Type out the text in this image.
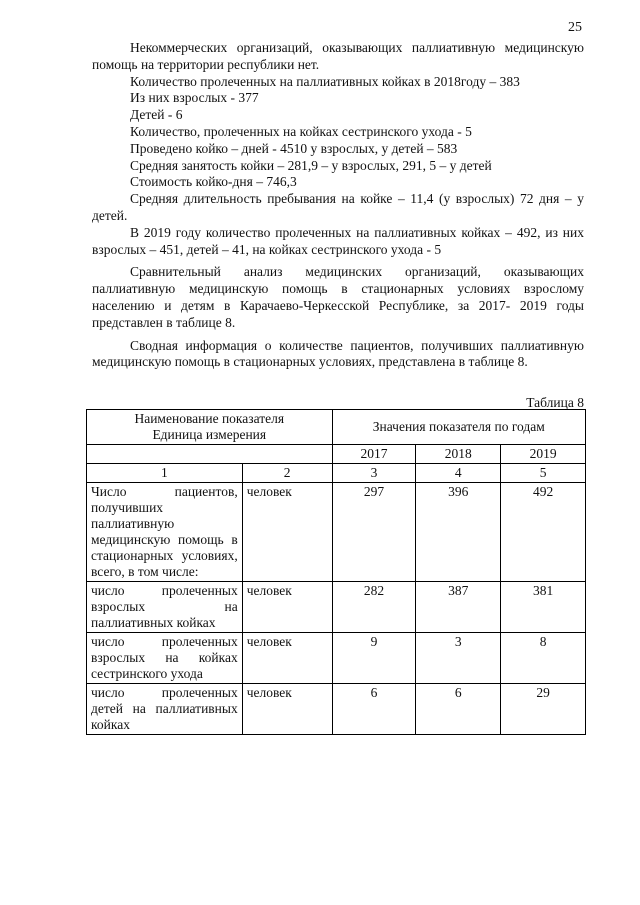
25

Некоммерческих организаций, оказывающих паллиативную медицинскую помощь на территории республики нет.

Количество пролеченных на паллиативных койках в 2018году – 383

Из них взрослых - 377

Детей - 6

Количество, пролеченных на койках сестринского ухода - 5

Проведено койко – дней - 4510 у взрослых, у детей – 583

Средняя занятость койки – 281,9 – у взрослых, 291, 5 – у детей

Стоимость койко-дня – 746,3

Средняя длительность пребывания на койке – 11,4 (у взрослых) 72 дня – у детей.

В 2019 году количество пролеченных на паллиативных койках – 492, из них взрослых – 451, детей – 41, на койках сестринского ухода - 5

Сравнительный анализ медицинских организаций, оказывающих паллиативную медицинскую помощь в стационарных условиях взрослому населению и детям в Карачаево-Черкесской Республике, за 2017- 2019 годы представлен в таблице 8.

Сводная информация о количестве пациентов, получивших паллиативную медицинскую помощь в стационарных условиях, представлена в таблице 8.

Таблица 8
Наименование показателя
Единица измерения		Значения показателя по годам		
		2017	2018	2019
1	2	3	4	5
Число пациентов, получивших паллиативную медицинскую помощь в стационарных условиях, всего, в том числе:	человек	297	396	492
число пролеченных взрослых на паллиативных койках	человек	282	387	381
число пролеченных взрослых на койках сестринского ухода	человек	9	3	8
число пролеченных детей на паллиативных койках	человек	6	6	29
